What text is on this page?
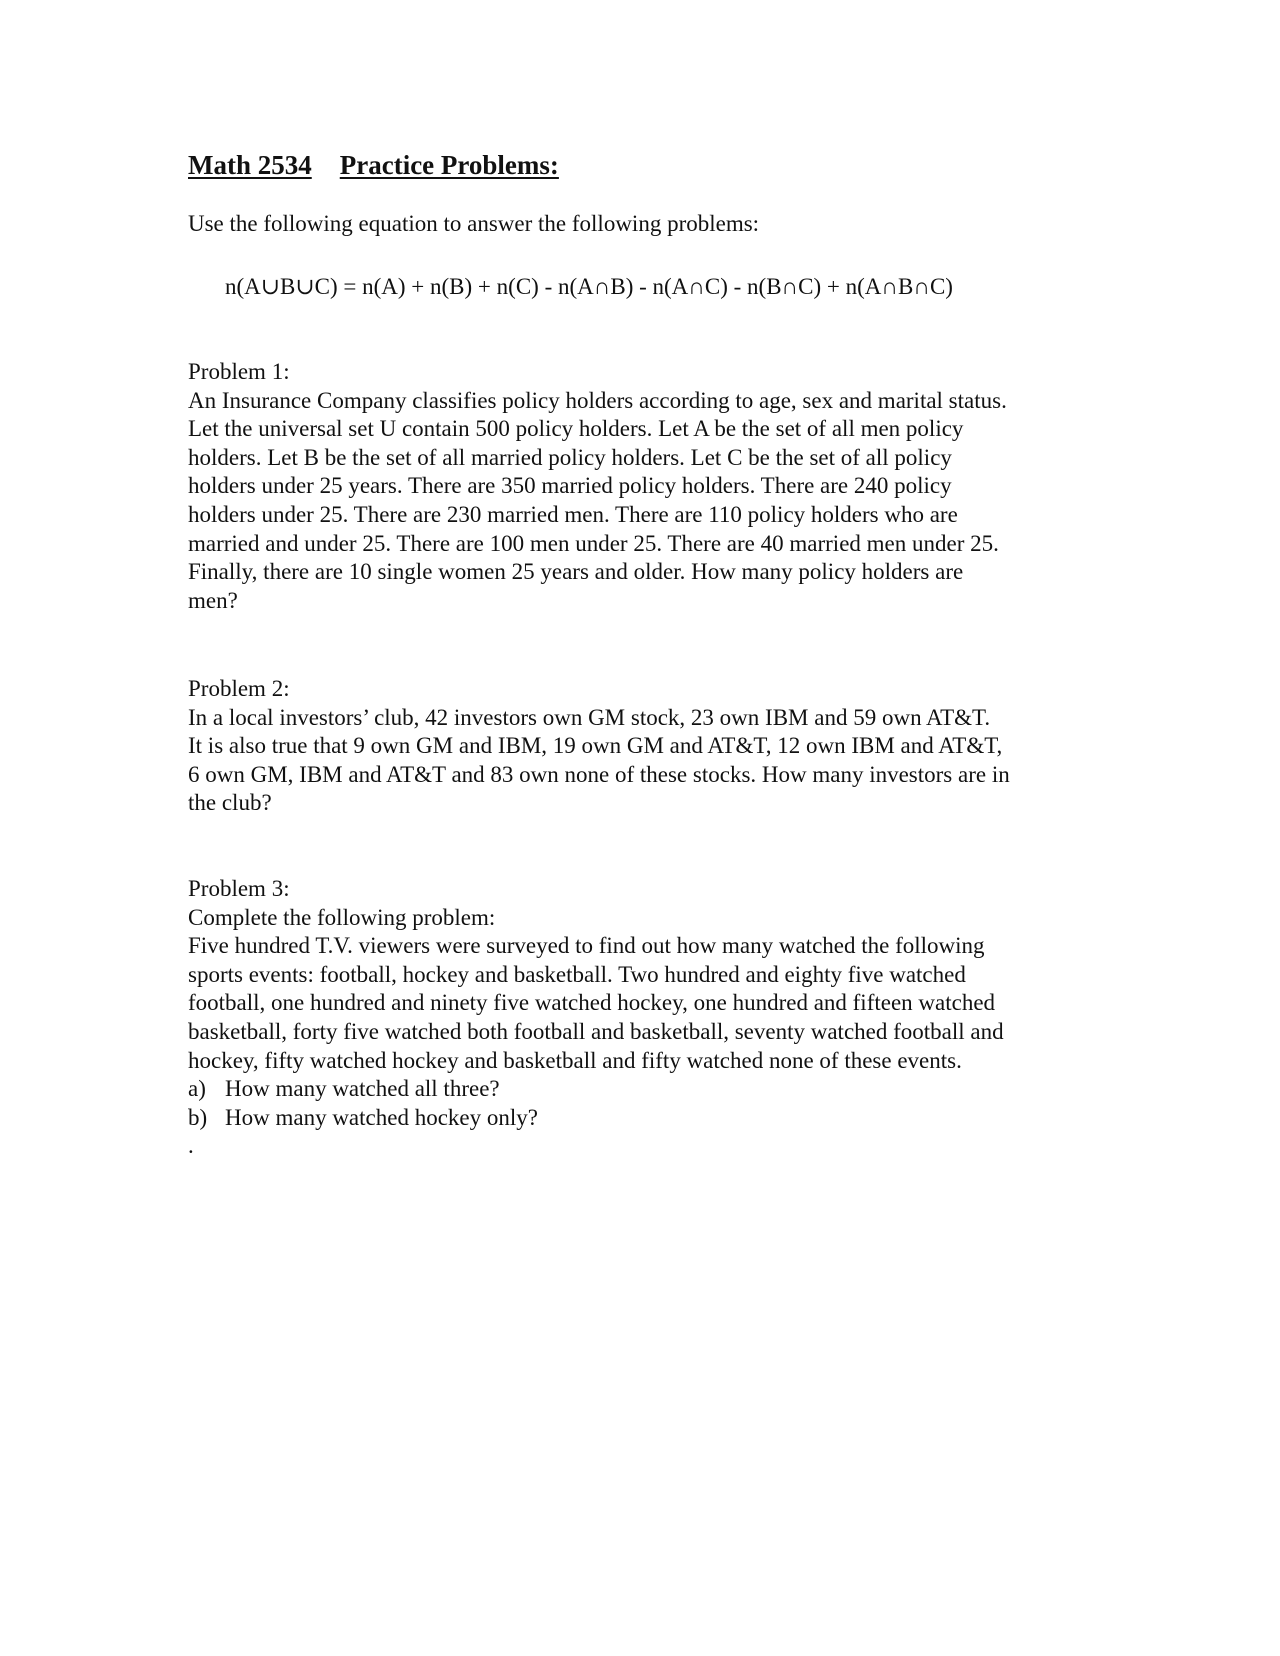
Math 2534 Practice Problems:

Use the following equation to answer the following problems:

n(A∪B∪C) = n(A) + n(B) + n(C) - n(A∩B) - n(A∩C) - n(B∩C) + n(A∩B∩C)

Problem 1:

An Insurance Company classifies policy holders according to age, sex and marital status.
Let the universal set U contain 500 policy holders. Let A be the set of all men policy
holders. Let B be the set of all married policy holders. Let C be the set of all policy
holders under 25 years. There are 350 married policy holders. There are 240 policy
holders under 25. There are 230 married men. There are 110 policy holders who are
married and under 25. There are 100 men under 25. There are 40 married men under 25.
Finally, there are 10 single women 25 years and older. How many policy holders are
men?

Problem 2:

In a local investors’ club, 42 investors own GM stock, 23 own IBM and 59 own AT&T.
It is also true that 9 own GM and IBM, 19 own GM and AT&T, 12 own IBM and AT&T,
6 own GM, IBM and AT&T and 83 own none of these stocks. How many investors are in
the club?

Problem 3:

Complete the following problem:

Five hundred T.V. viewers were surveyed to find out how many watched the following
sports events: football, hockey and basketball. Two hundred and eighty five watched
football, one hundred and ninety five watched hockey, one hundred and fifteen watched
basketball, forty five watched both football and basketball, seventy watched football and
hockey, fifty watched hockey and basketball and fifty watched none of these events.

a) How many watched all three?
b) How many watched hockey only?

.
